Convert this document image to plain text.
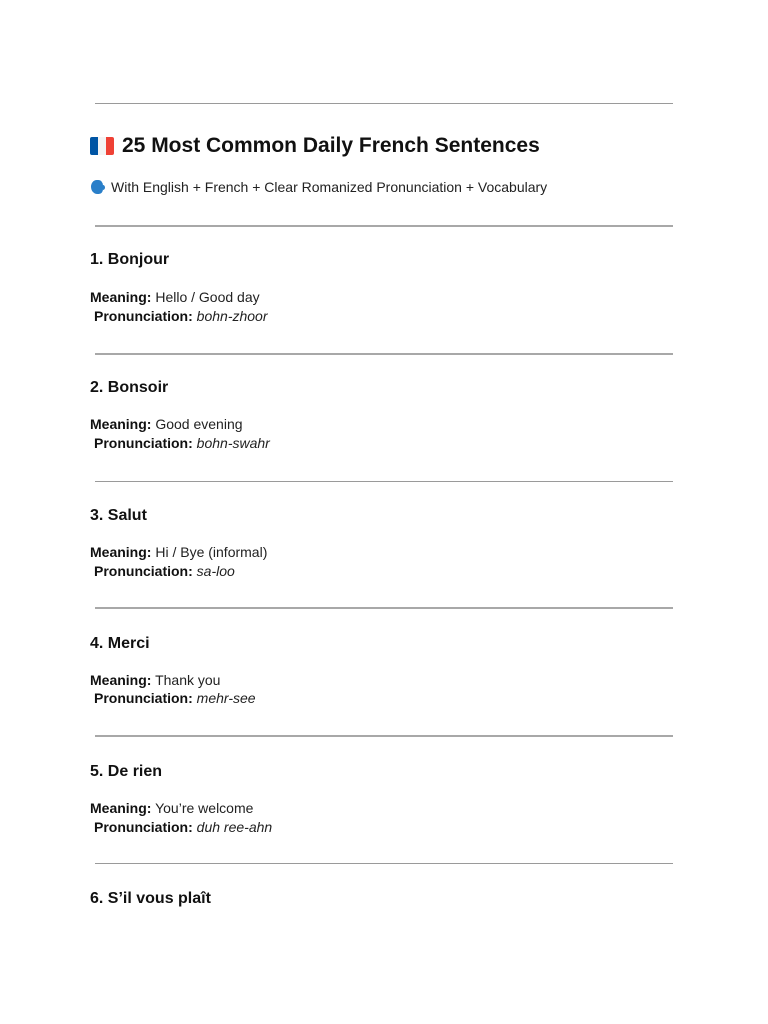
25 Most Common Daily French Sentences
With English + French + Clear Romanized Pronunciation + Vocabulary
1. Bonjour
Meaning: Hello / Good day
Pronunciation: bohn-zhoor
2. Bonsoir
Meaning: Good evening
Pronunciation: bohn-swahr
3. Salut
Meaning: Hi / Bye (informal)
Pronunciation: sa-loo
4. Merci
Meaning: Thank you
Pronunciation: mehr-see
5. De rien
Meaning: You’re welcome
Pronunciation: duh ree-ahn
6. S’il vous plaît
